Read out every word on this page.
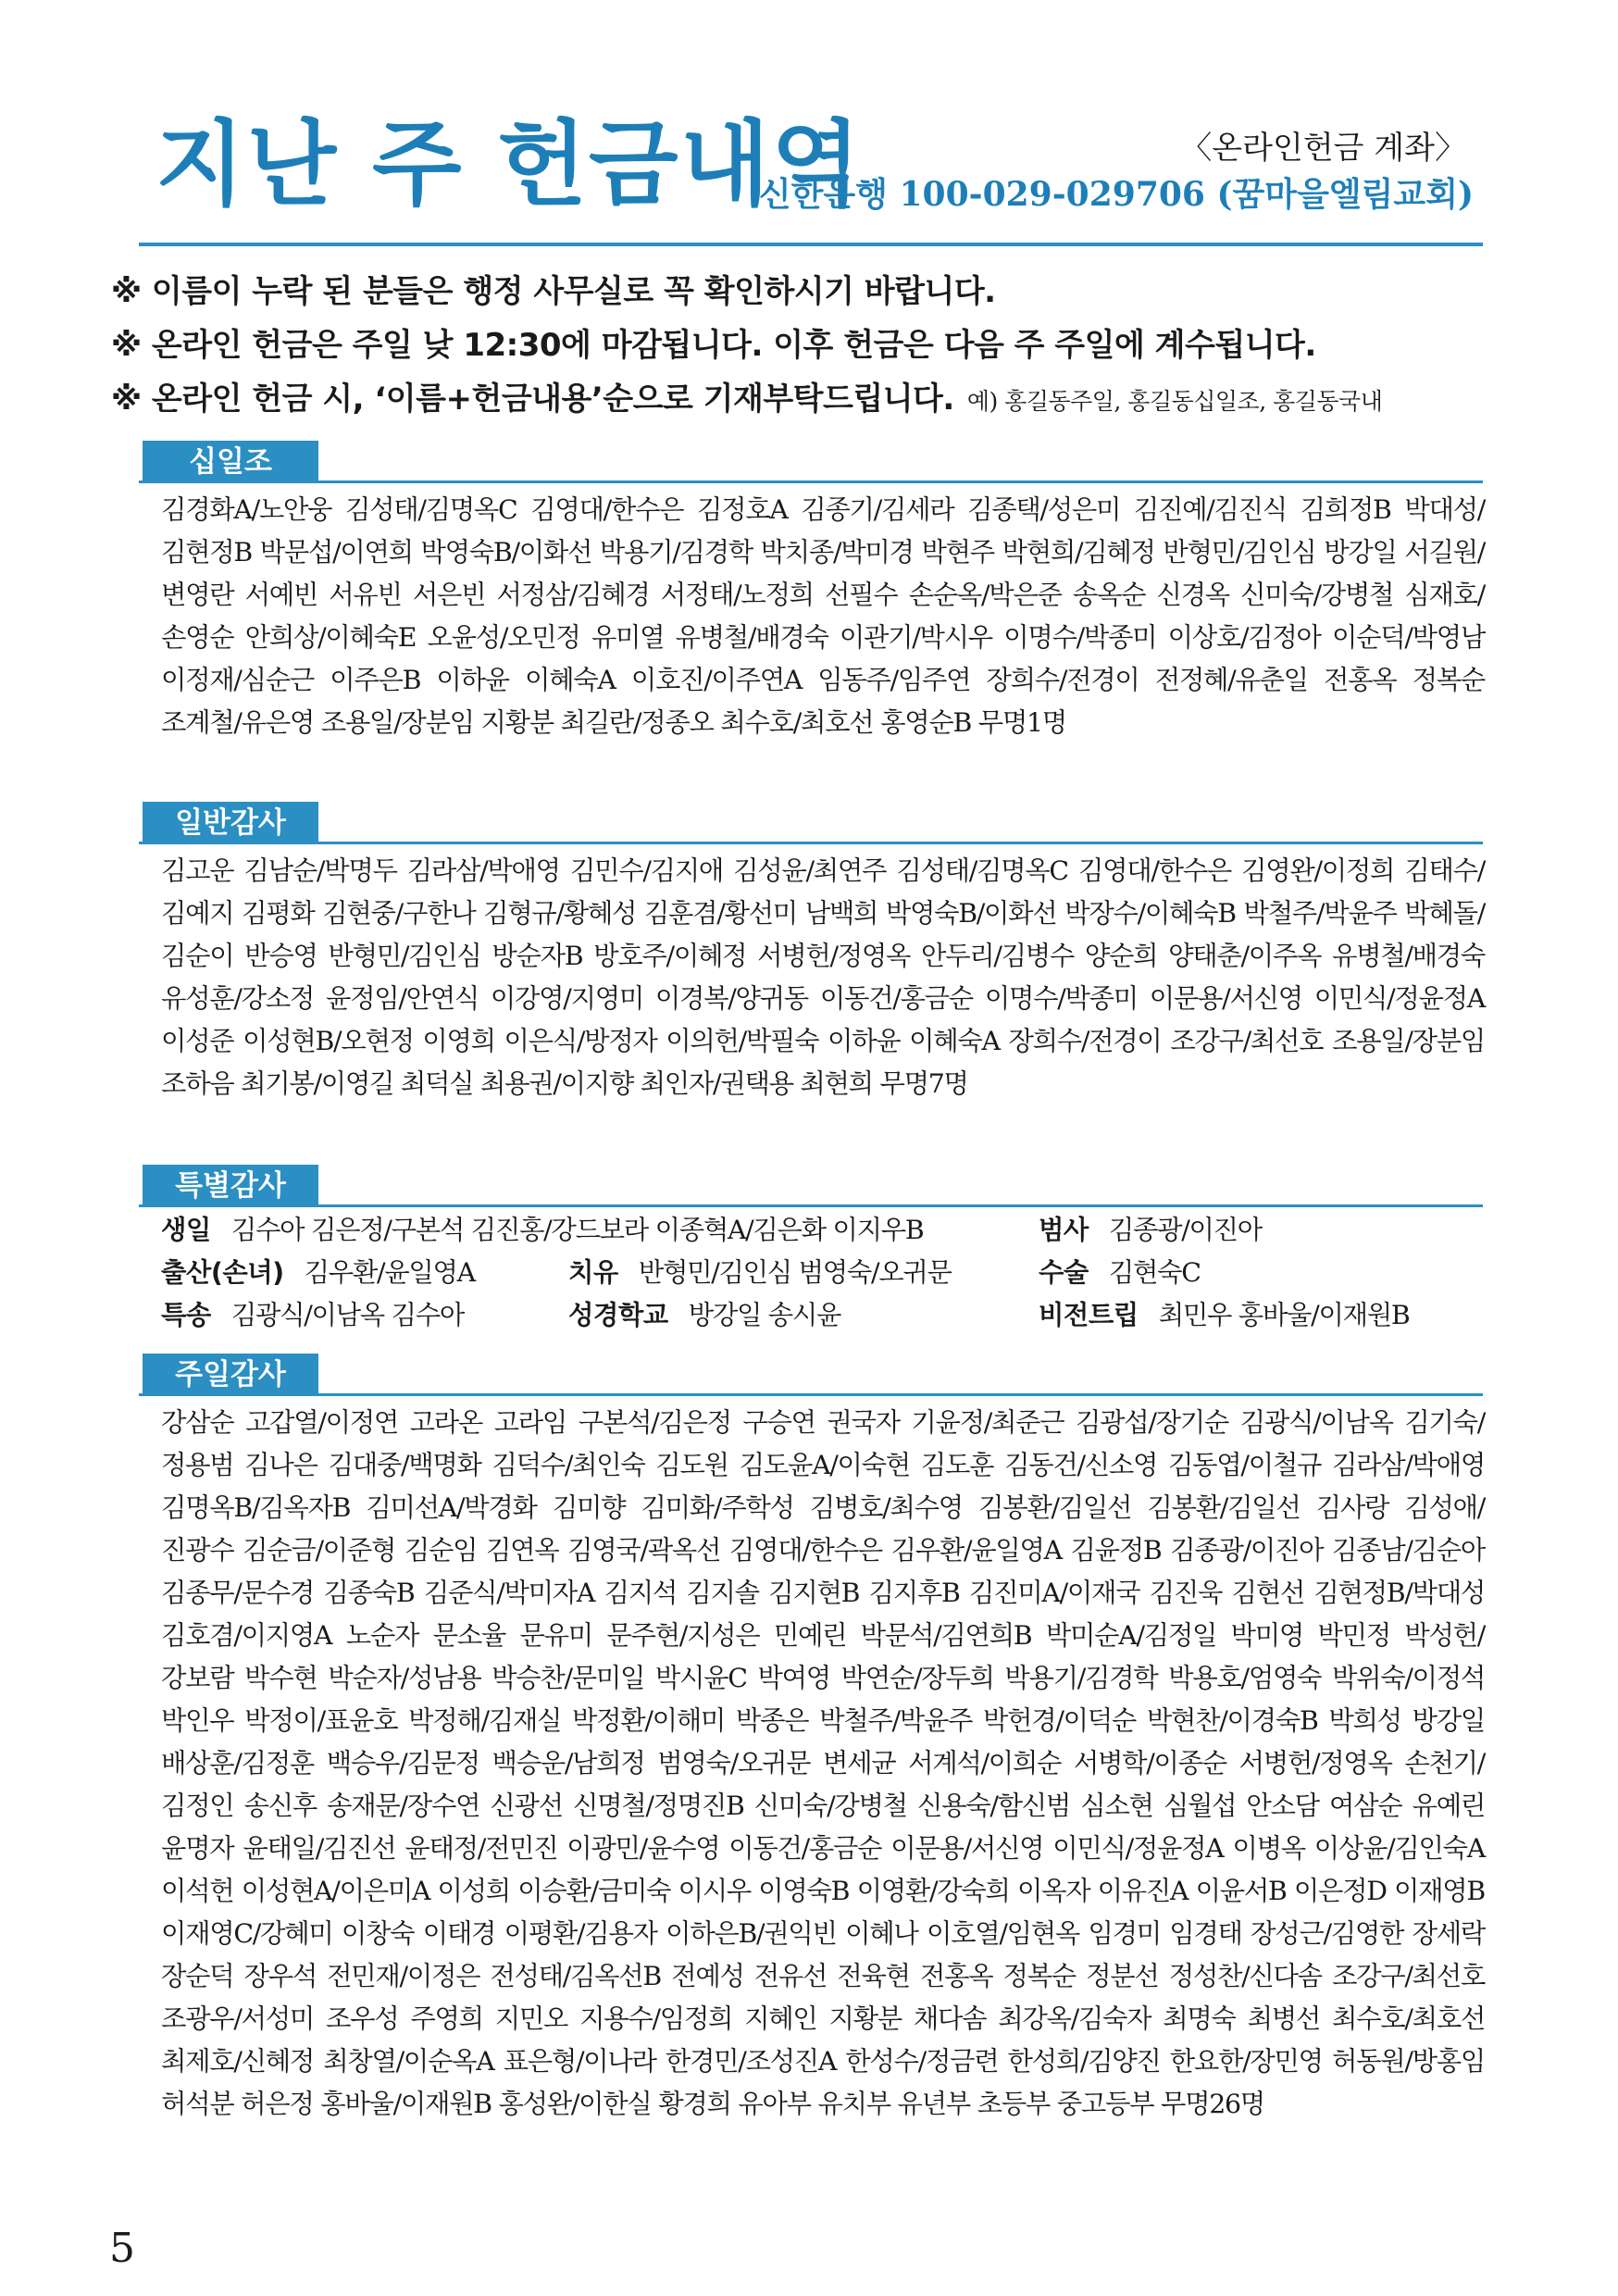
지난 주 헌금내역	〈온라인헌금 계좌〉
신한은행 100-029-029706 (꿈마을엘림교회)
※ 이름이 누락 된 분들은 행정 사무실로 꼭 확인하시기 바랍니다.
※ 온라인 헌금은 주일 낮 12:30에 마감됩니다. 이후 헌금은 다음 주 주일에 계수됩니다.
※ 온라인 헌금 시, ‘이름+헌금내용’순으로 기재부탁드립니다. 예) 홍길동주일, 홍길동십일조, 홍길동국내
십일조

김경화A/노안웅 김성태/김명옥C 김영대/한수은 김정호A 김종기/김세라 김종택/성은미 김진예/김진식 김희정B 박대성/김현정B 박문섭/이연희 박영숙B/이화선 박용기/김경학 박치종/박미경 박현주 박현희/김혜정 반형민/김인심 방강일 서길원/변영란 서예빈 서유빈 서은빈 서정삼/김혜경 서정태/노정희 선필수 손순옥/박은준 송옥순 신경옥 신미숙/강병철 심재호/손영순 안희상/이혜숙E 오윤성/오민정 유미열 유병철/배경숙 이관기/박시우 이명수/박종미 이상호/김정아 이순덕/박영남 이정재/심순근 이주은B 이하윤 이혜숙A 이호진/이주연A 임동주/임주연 장희수/전경이 전정혜/유춘일 전홍옥 정복순 조계철/유은영 조용일/장분임 지황분 최길란/정종오 최수호/최호선 홍영순B 무명1명

일반감사

김고운 김남순/박명두 김라삼/박애영 김민수/김지애 김성윤/최연주 김성태/김명옥C 김영대/한수은 김영완/이정희 김태수/김예지 김평화 김현중/구한나 김형규/황혜성 김훈겸/황선미 남백희 박영숙B/이화선 박장수/이혜숙B 박철주/박윤주 박혜돌/김순이 반승영 반형민/김인심 방순자B 방호주/이혜정 서병헌/정영옥 안두리/김병수 양순희 양태춘/이주옥 유병철/배경숙 유성훈/강소정 윤정임/안연식 이강영/지영미 이경복/양귀동 이동건/홍금순 이명수/박종미 이문용/서신영 이민식/정윤정A 이성준 이성현B/오현정 이영희 이은식/방정자 이의헌/박필숙 이하윤 이혜숙A 장희수/전경이 조강구/최선호 조용일/장분임 조하음 최기봉/이영길 최덕실 최용권/이지향 최인자/권택용 최현희 무명7명

특별감사
생일 김수아 김은정/구본석 김진홍/강드보라 이종혁A/김은화 이지우B	범사 김종광/이진아
출산(손녀) 김우환/윤일영A	치유 반형민/김인심 범영숙/오귀문	수술 김현숙C
특송 김광식/이남옥 김수아	성경학교 방강일 송시윤	비전트립 최민우 홍바울/이재원B
주일감사

강삼순 고갑열/이정연 고라온 고라임 구본석/김은정 구승연 권국자 기윤정/최준근 김광섭/장기순 김광식/이남옥 김기숙/정용범 김나은 김대중/백명화 김덕수/최인숙 김도원 김도윤A/이숙현 김도훈 김동건/신소영 김동엽/이철규 김라삼/박애영 김명옥B/김옥자B 김미선A/박경화 김미향 김미화/주학성 김병호/최수영 김봉환/김일선 김봉환/김일선 김사랑 김성애/진광수 김순금/이준형 김순임 김연옥 김영국/곽옥선 김영대/한수은 김우환/윤일영A 김윤정B 김종광/이진아 김종남/김순아 김종무/문수경 김종숙B 김준식/박미자A 김지석 김지솔 김지현B 김지후B 김진미A/이재국 김진욱 김현선 김현정B/박대성 김호겸/이지영A 노순자 문소율 문유미 문주현/지성은 민예린 박문석/김연희B 박미순A/김정일 박미영 박민정 박성헌/강보람 박수현 박순자/성남용 박승찬/문미일 박시윤C 박여영 박연순/장두희 박용기/김경학 박용호/엄영숙 박위숙/이정석 박인우 박정이/표윤호 박정해/김재실 박정환/이해미 박종은 박철주/박윤주 박헌경/이덕순 박현찬/이경숙B 박희성 방강일 배상훈/김정훈 백승우/김문정 백승운/남희정 범영숙/오귀문 변세균 서계석/이희순 서병학/이종순 서병헌/정영옥 손천기/김정인 송신후 송재문/장수연 신광선 신명철/정명진B 신미숙/강병철 신용숙/함신범 심소현 심월섭 안소담 여삼순 유예린 윤명자 윤태일/김진선 윤태정/전민진 이광민/윤수영 이동건/홍금순 이문용/서신영 이민식/정윤정A 이병옥 이상윤/김인숙A 이석헌 이성현A/이은미A 이성희 이승환/금미숙 이시우 이영숙B 이영환/강숙희 이옥자 이유진A 이윤서B 이은정D 이재영B 이재영C/강혜미 이창숙 이태경 이평환/김용자 이하은B/권익빈 이혜나 이호열/임현옥 임경미 임경태 장성근/김영한 장세락 장순덕 장우석 전민재/이정은 전성태/김옥선B 전예성 전유선 전육현 전홍옥 정복순 정분선 정성찬/신다솜 조강구/최선호 조광우/서성미 조우성 주영희 지민오 지용수/임정희 지혜인 지황분 채다솜 최강옥/김숙자 최명숙 최병선 최수호/최호선 최제호/신혜정 최창열/이순옥A 표은형/이나라 한경민/조성진A 한성수/정금련 한성희/김양진 한요한/장민영 허동원/방홍임 허석분 허은정 홍바울/이재원B 홍성완/이한실 황경희 유아부 유치부 유년부 초등부 중고등부 무명26명

5
